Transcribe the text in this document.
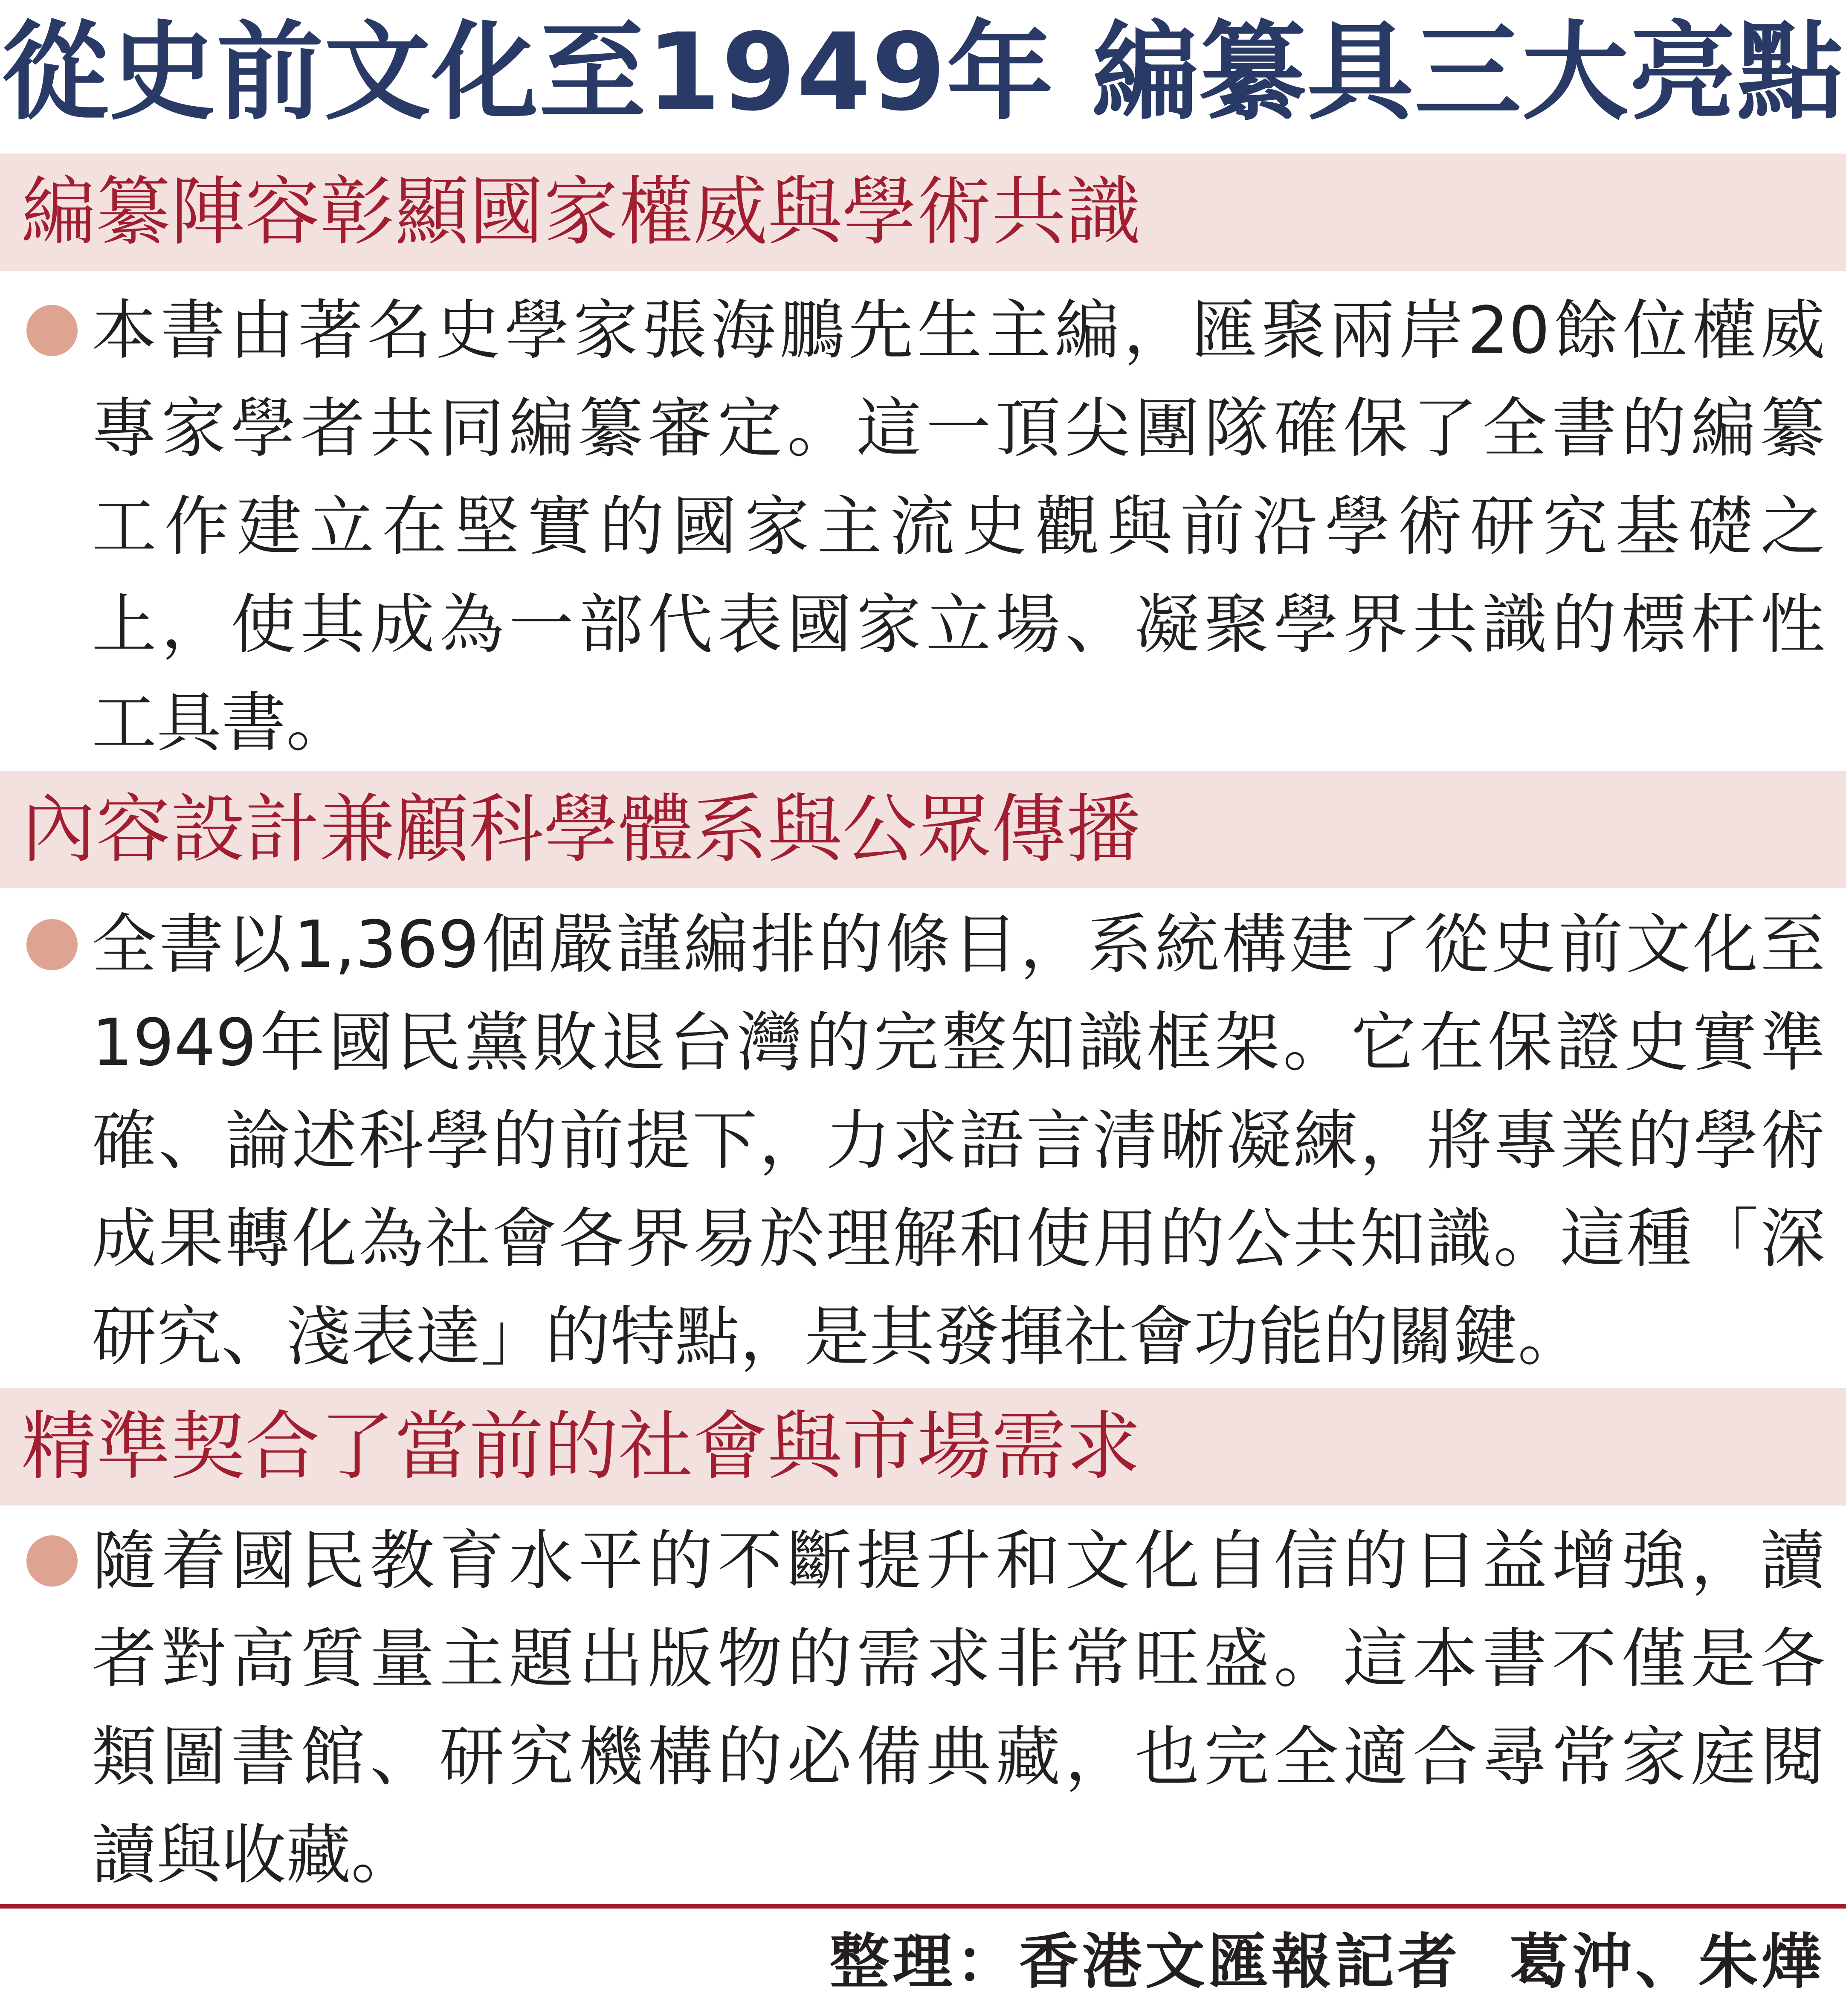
從史前文化至1949年 編纂具三大亮點
編纂陣容彰顯國家權威與學術共識
本書由著名史學家張海鵬先生主編，匯聚兩岸20餘位權威
專家學者共同編纂審定。這一頂尖團隊確保了全書的編纂
工作建立在堅實的國家主流史觀與前沿學術研究基礎之
上，使其成為一部代表國家立場、凝聚學界共識的標杆性
工具書。
內容設計兼顧科學體系與公眾傳播
全書以1,369個嚴謹編排的條目，系統構建了從史前文化至
1949年國民黨敗退台灣的完整知識框架。它在保證史實準
確、論述科學的前提下，力求語言清晰凝練，將專業的學術
成果轉化為社會各界易於理解和使用的公共知識。這種「深
研究、淺表達」的特點，是其發揮社會功能的關鍵。
精準契合了當前的社會與市場需求
隨着國民教育水平的不斷提升和文化自信的日益增強，讀
者對高質量主題出版物的需求非常旺盛。這本書不僅是各
類圖書館、研究機構的必備典藏，也完全適合尋常家庭閱
讀與收藏。
整理：香港文匯報記者  葛沖、朱燁
